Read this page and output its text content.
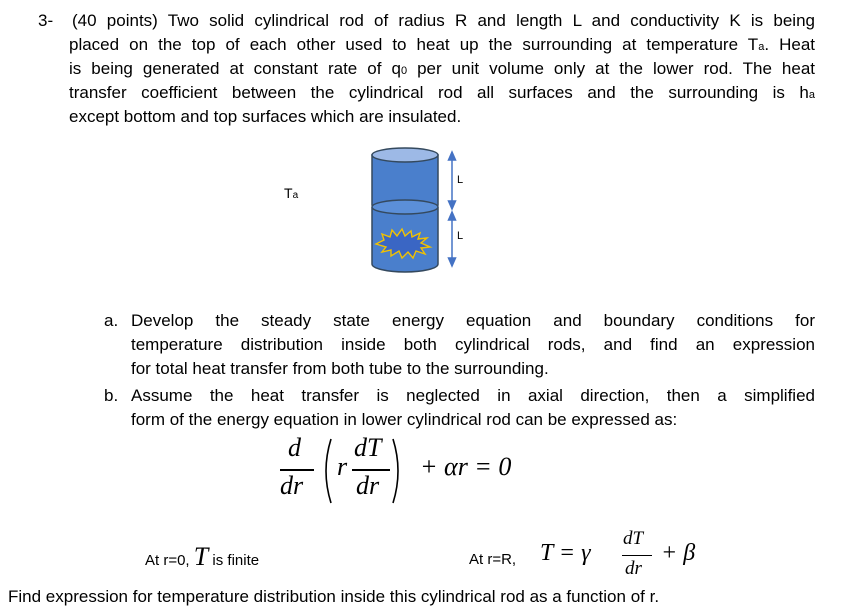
3- (40 points) Two solid cylindrical rod of radius R and length L and conductivity K is being
placed on the top of each other used to heat up the surrounding at temperature Ta. Heat
is being generated at constant rate of q0 per unit volume only at the lower rod. The heat
transfer coefficient between the cylindrical rod all surfaces and the surrounding is ha
except bottom and top surfaces which are insulated.
Ta
L
L
a. Develop the steady state energy equation and boundary conditions for
temperature distribution inside both cylindrical rods, and find an expression
for total heat transfer from both tube to the surrounding.
b. Assume the heat transfer is neglected in axial direction, then a simplified
form of the energy equation in lower cylindrical rod can be expressed as:
d
dr
r
dT
dr
+ αr = 0
At r=0, T is finite	At r=R, T = γ
dT
dr
+ β
Find expression for temperature distribution inside this cylindrical rod as a function of r.
